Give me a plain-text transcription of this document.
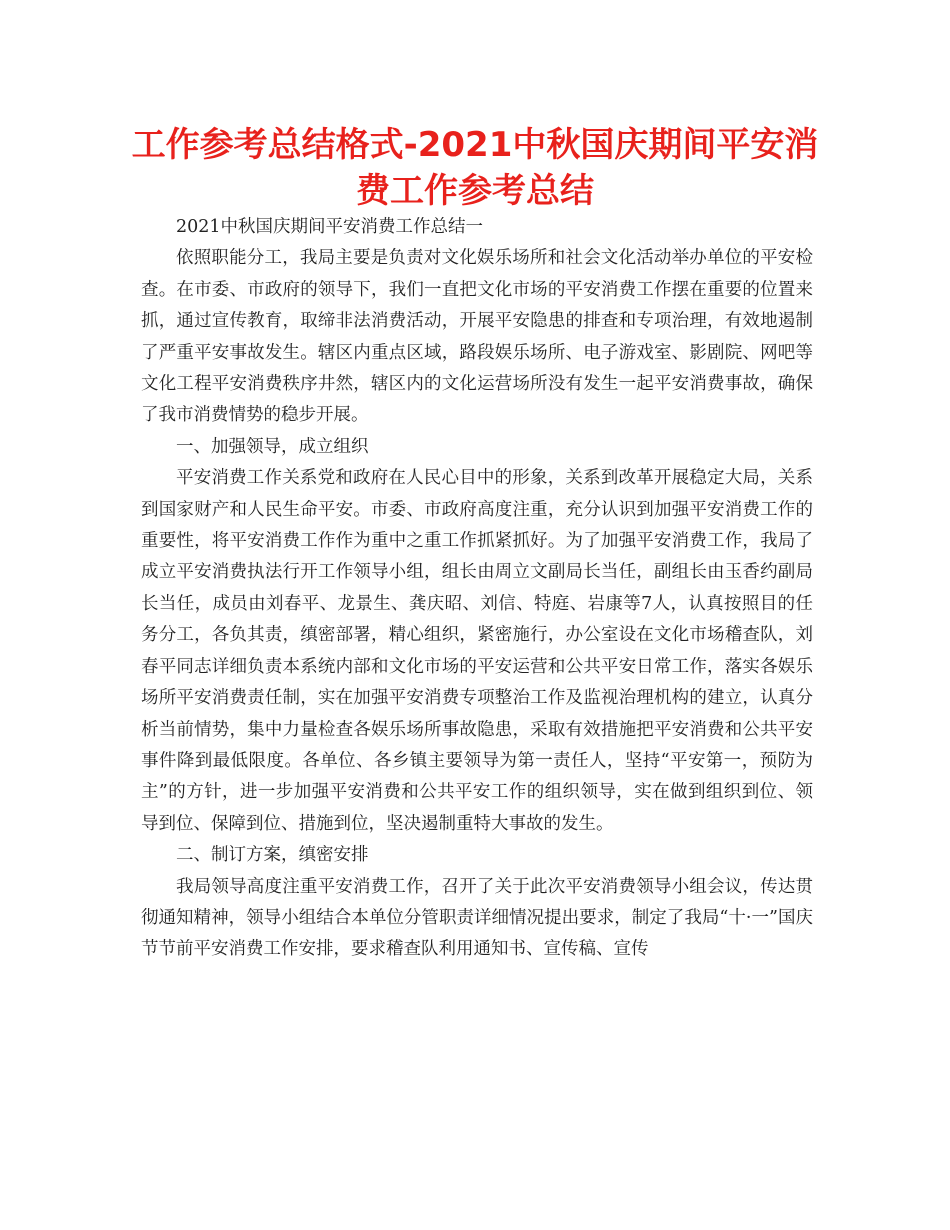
工作参考总结格式-2021中秋国庆期间平安消费工作参考总结

2021中秋国庆期间平安消费工作总结一

依照职能分工，我局主要是负责对文化娱乐场所和社会文化活动举办单位的平安检查。在市委、市政府的领导下，我们一直把文化市场的平安消费工作摆在重要的位置来抓，通过宣传教育，取缔非法消费活动，开展平安隐患的排查和专项治理，有效地遏制了严重平安事故发生。辖区内重点区域，路段娱乐场所、电子游戏室、影剧院、网吧等文化工程平安消费秩序井然，辖区内的文化运营场所没有发生一起平安消费事故，确保了我市消费情势的稳步开展。

一、加强领导，成立组织

平安消费工作关系党和政府在人民心目中的形象，关系到改革开展稳定大局，关系到国家财产和人民生命平安。市委、市政府高度注重，充分认识到加强平安消费工作的重要性，将平安消费工作作为重中之重工作抓紧抓好。为了加强平安消费工作，我局了成立平安消费执法行开工作领导小组，组长由周立文副局长当任，副组长由玉香约副局长当任，成员由刘春平、龙景生、龚庆昭、刘信、特庭、岩康等7人，认真按照目的任务分工，各负其责，缜密部署，精心组织，紧密施行，办公室设在文化市场稽查队，刘春平同志详细负责本系统内部和文化市场的平安运营和公共平安日常工作，落实各娱乐场所平安消费责任制，实在加强平安消费专项整治工作及监视治理机构的建立，认真分析当前情势，集中力量检查各娱乐场所事故隐患，采取有效措施把平安消费和公共平安事件降到最低限度。各单位、各乡镇主要领导为第一责任人，坚持“平安第一，预防为主”的方针，进一步加强平安消费和公共平安工作的组织领导，实在做到组织到位、领导到位、保障到位、措施到位，坚决遏制重特大事故的发生。

二、制订方案，缜密安排

我局领导高度注重平安消费工作，召开了关于此次平安消费领导小组会议，传达贯彻通知精神，领导小组结合本单位分管职责详细情况提出要求，制定了我局“十·一”国庆节节前平安消费工作安排，要求稽查队利用通知书、宣传稿、宣传
